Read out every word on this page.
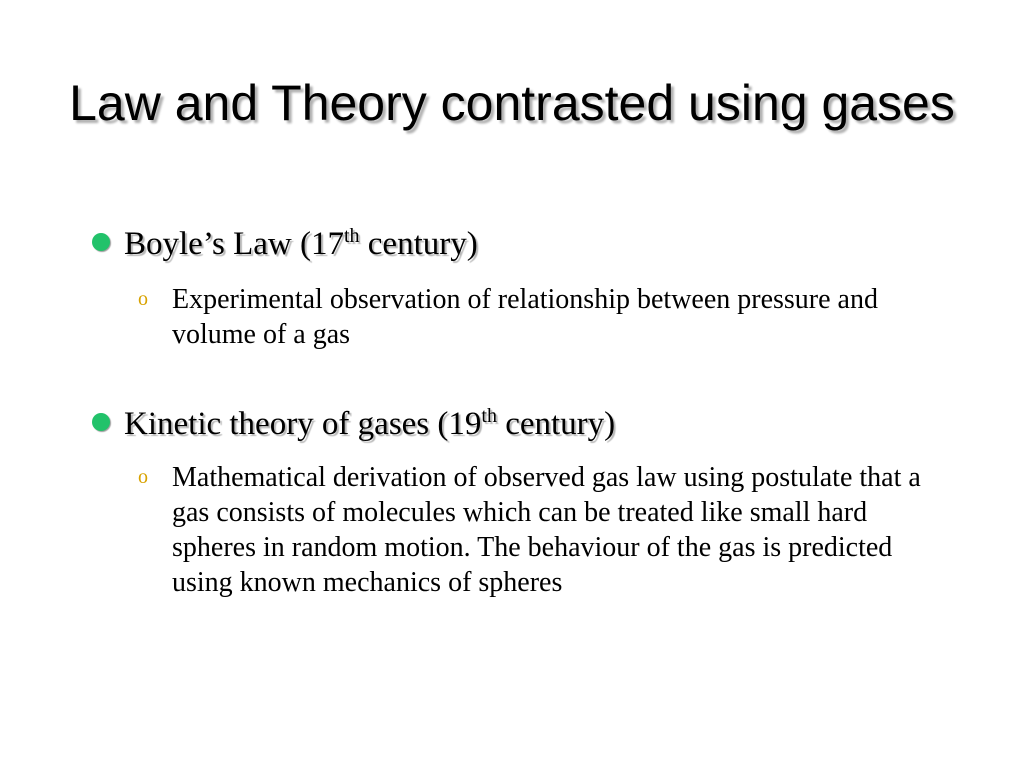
Law and Theory contrasted using gases
Boyle’s Law (17th century)
o Experimental observation of relationship between pressure and volume of a gas
Kinetic theory of gases (19th century)
o Mathematical derivation of observed gas law using postulate that a gas consists of molecules which can be treated like small hard spheres in random motion. The behaviour of the gas is predicted using known mechanics of spheres
